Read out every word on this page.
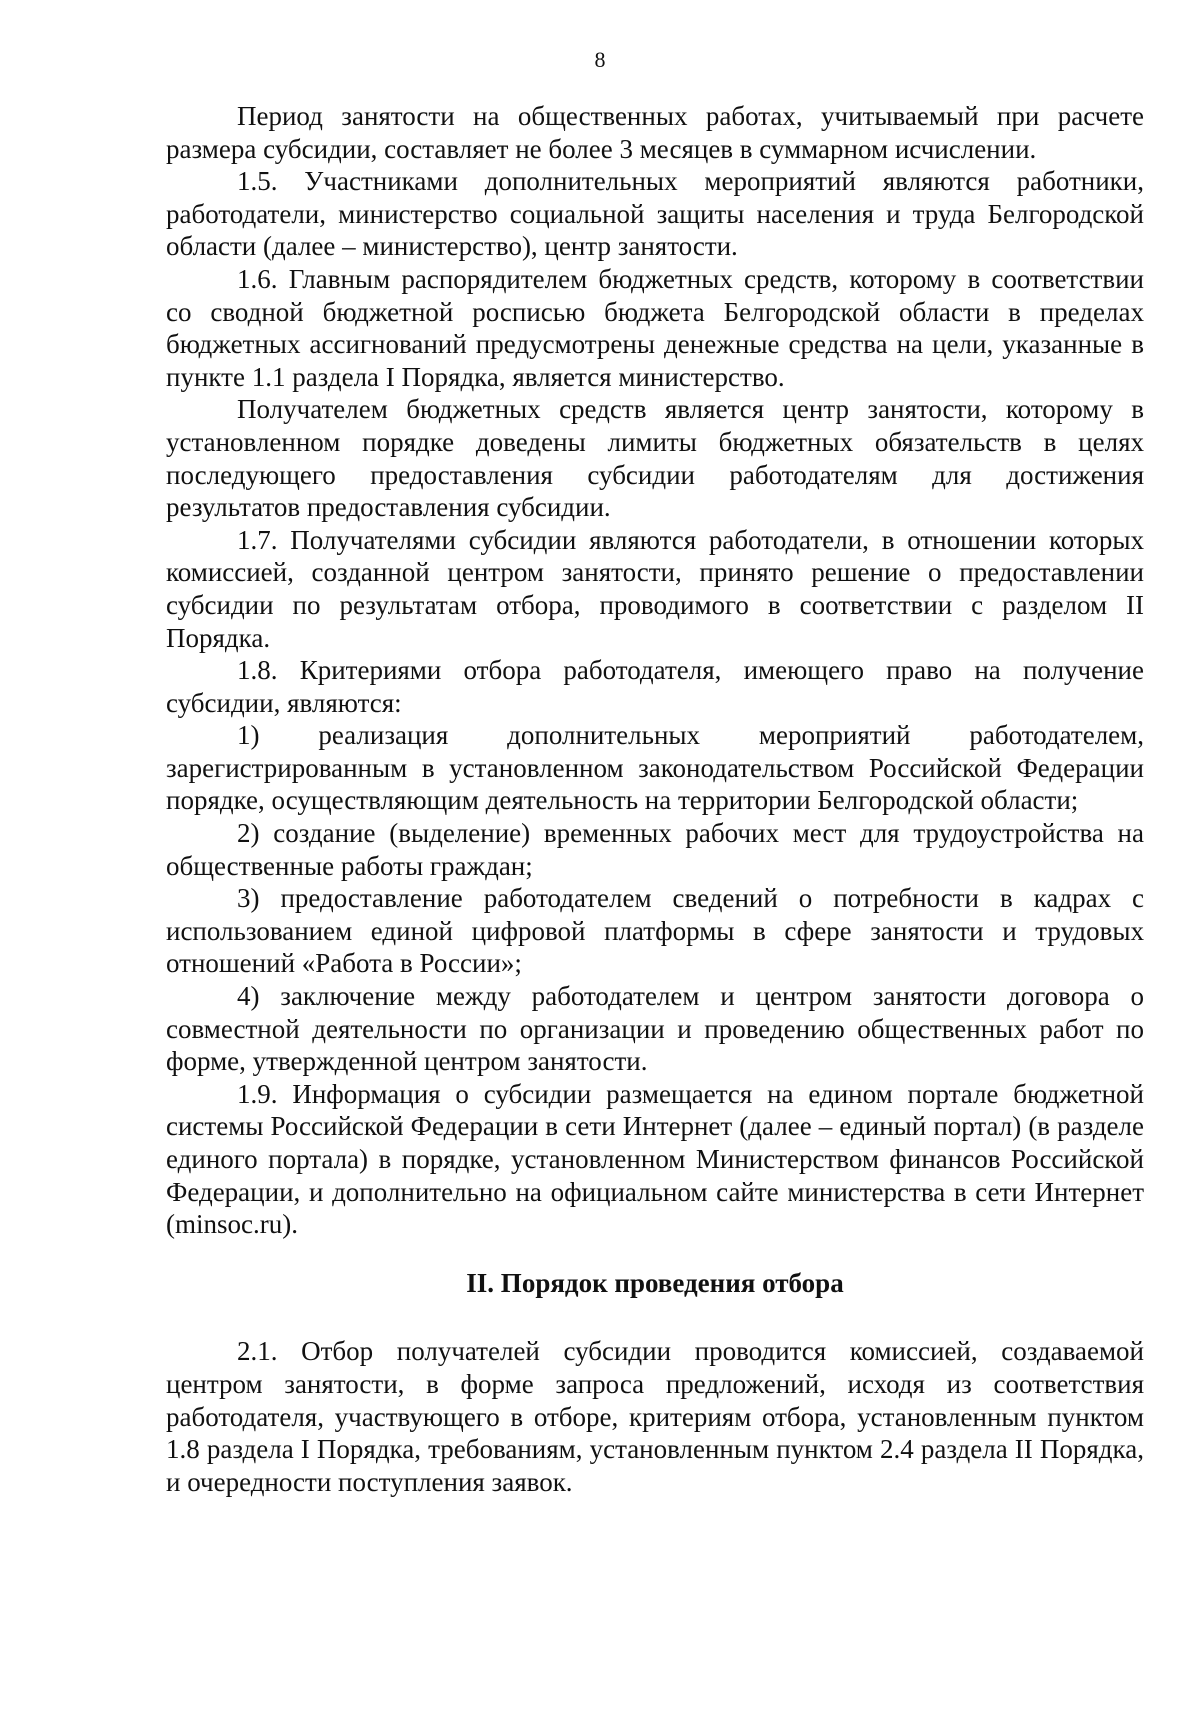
8

Период занятости на общественных работах, учитываемый при расчете размера субсидии, составляет не более 3 месяцев в суммарном исчислении.

1.5. Участниками дополнительных мероприятий являются работники, работодатели, министерство социальной защиты населения и труда Белгородской области (далее – министерство), центр занятости.

1.6. Главным распорядителем бюджетных средств, которому в соответствии со сводной бюджетной росписью бюджета Белгородской области в пределах бюджетных ассигнований предусмотрены денежные средства на цели, указанные в пункте 1.1 раздела I Порядка, является министерство.

Получателем бюджетных средств является центр занятости, которому в установленном порядке доведены лимиты бюджетных обязательств в целях последующего предоставления субсидии работодателям для достижения результатов предоставления субсидии.

1.7. Получателями субсидии являются работодатели, в отношении которых комиссией, созданной центром занятости, принято решение о предоставлении субсидии по результатам отбора, проводимого в соответствии с разделом II Порядка.

1.8. Критериями отбора работодателя, имеющего право на получение субсидии, являются:

1) реализация дополнительных мероприятий работодателем, зарегистрированным в установленном законодательством Российской Федерации порядке, осуществляющим деятельность на территории Белгородской области;

2) создание (выделение) временных рабочих мест для трудоустройства на общественные работы граждан;

3) предоставление работодателем сведений о потребности в кадрах с использованием единой цифровой платформы в сфере занятости и трудовых отношений «Работа в России»;

4) заключение между работодателем и центром занятости договора о совместной деятельности по организации и проведению общественных работ по форме, утвержденной центром занятости.

1.9. Информация о субсидии размещается на едином портале бюджетной системы Российской Федерации в сети Интернет (далее – единый портал) (в разделе единого портала) в порядке, установленном Министерством финансов Российской Федерации, и дополнительно на официальном сайте министерства в сети Интернет (minsoc.ru).

II. Порядок проведения отбора

2.1. Отбор получателей субсидии проводится комиссией, создаваемой центром занятости, в форме запроса предложений, исходя из соответствия работодателя, участвующего в отборе, критериям отбора, установленным пунктом 1.8 раздела I Порядка, требованиям, установленным пунктом 2.4 раздела II Порядка, и очередности поступления заявок.
